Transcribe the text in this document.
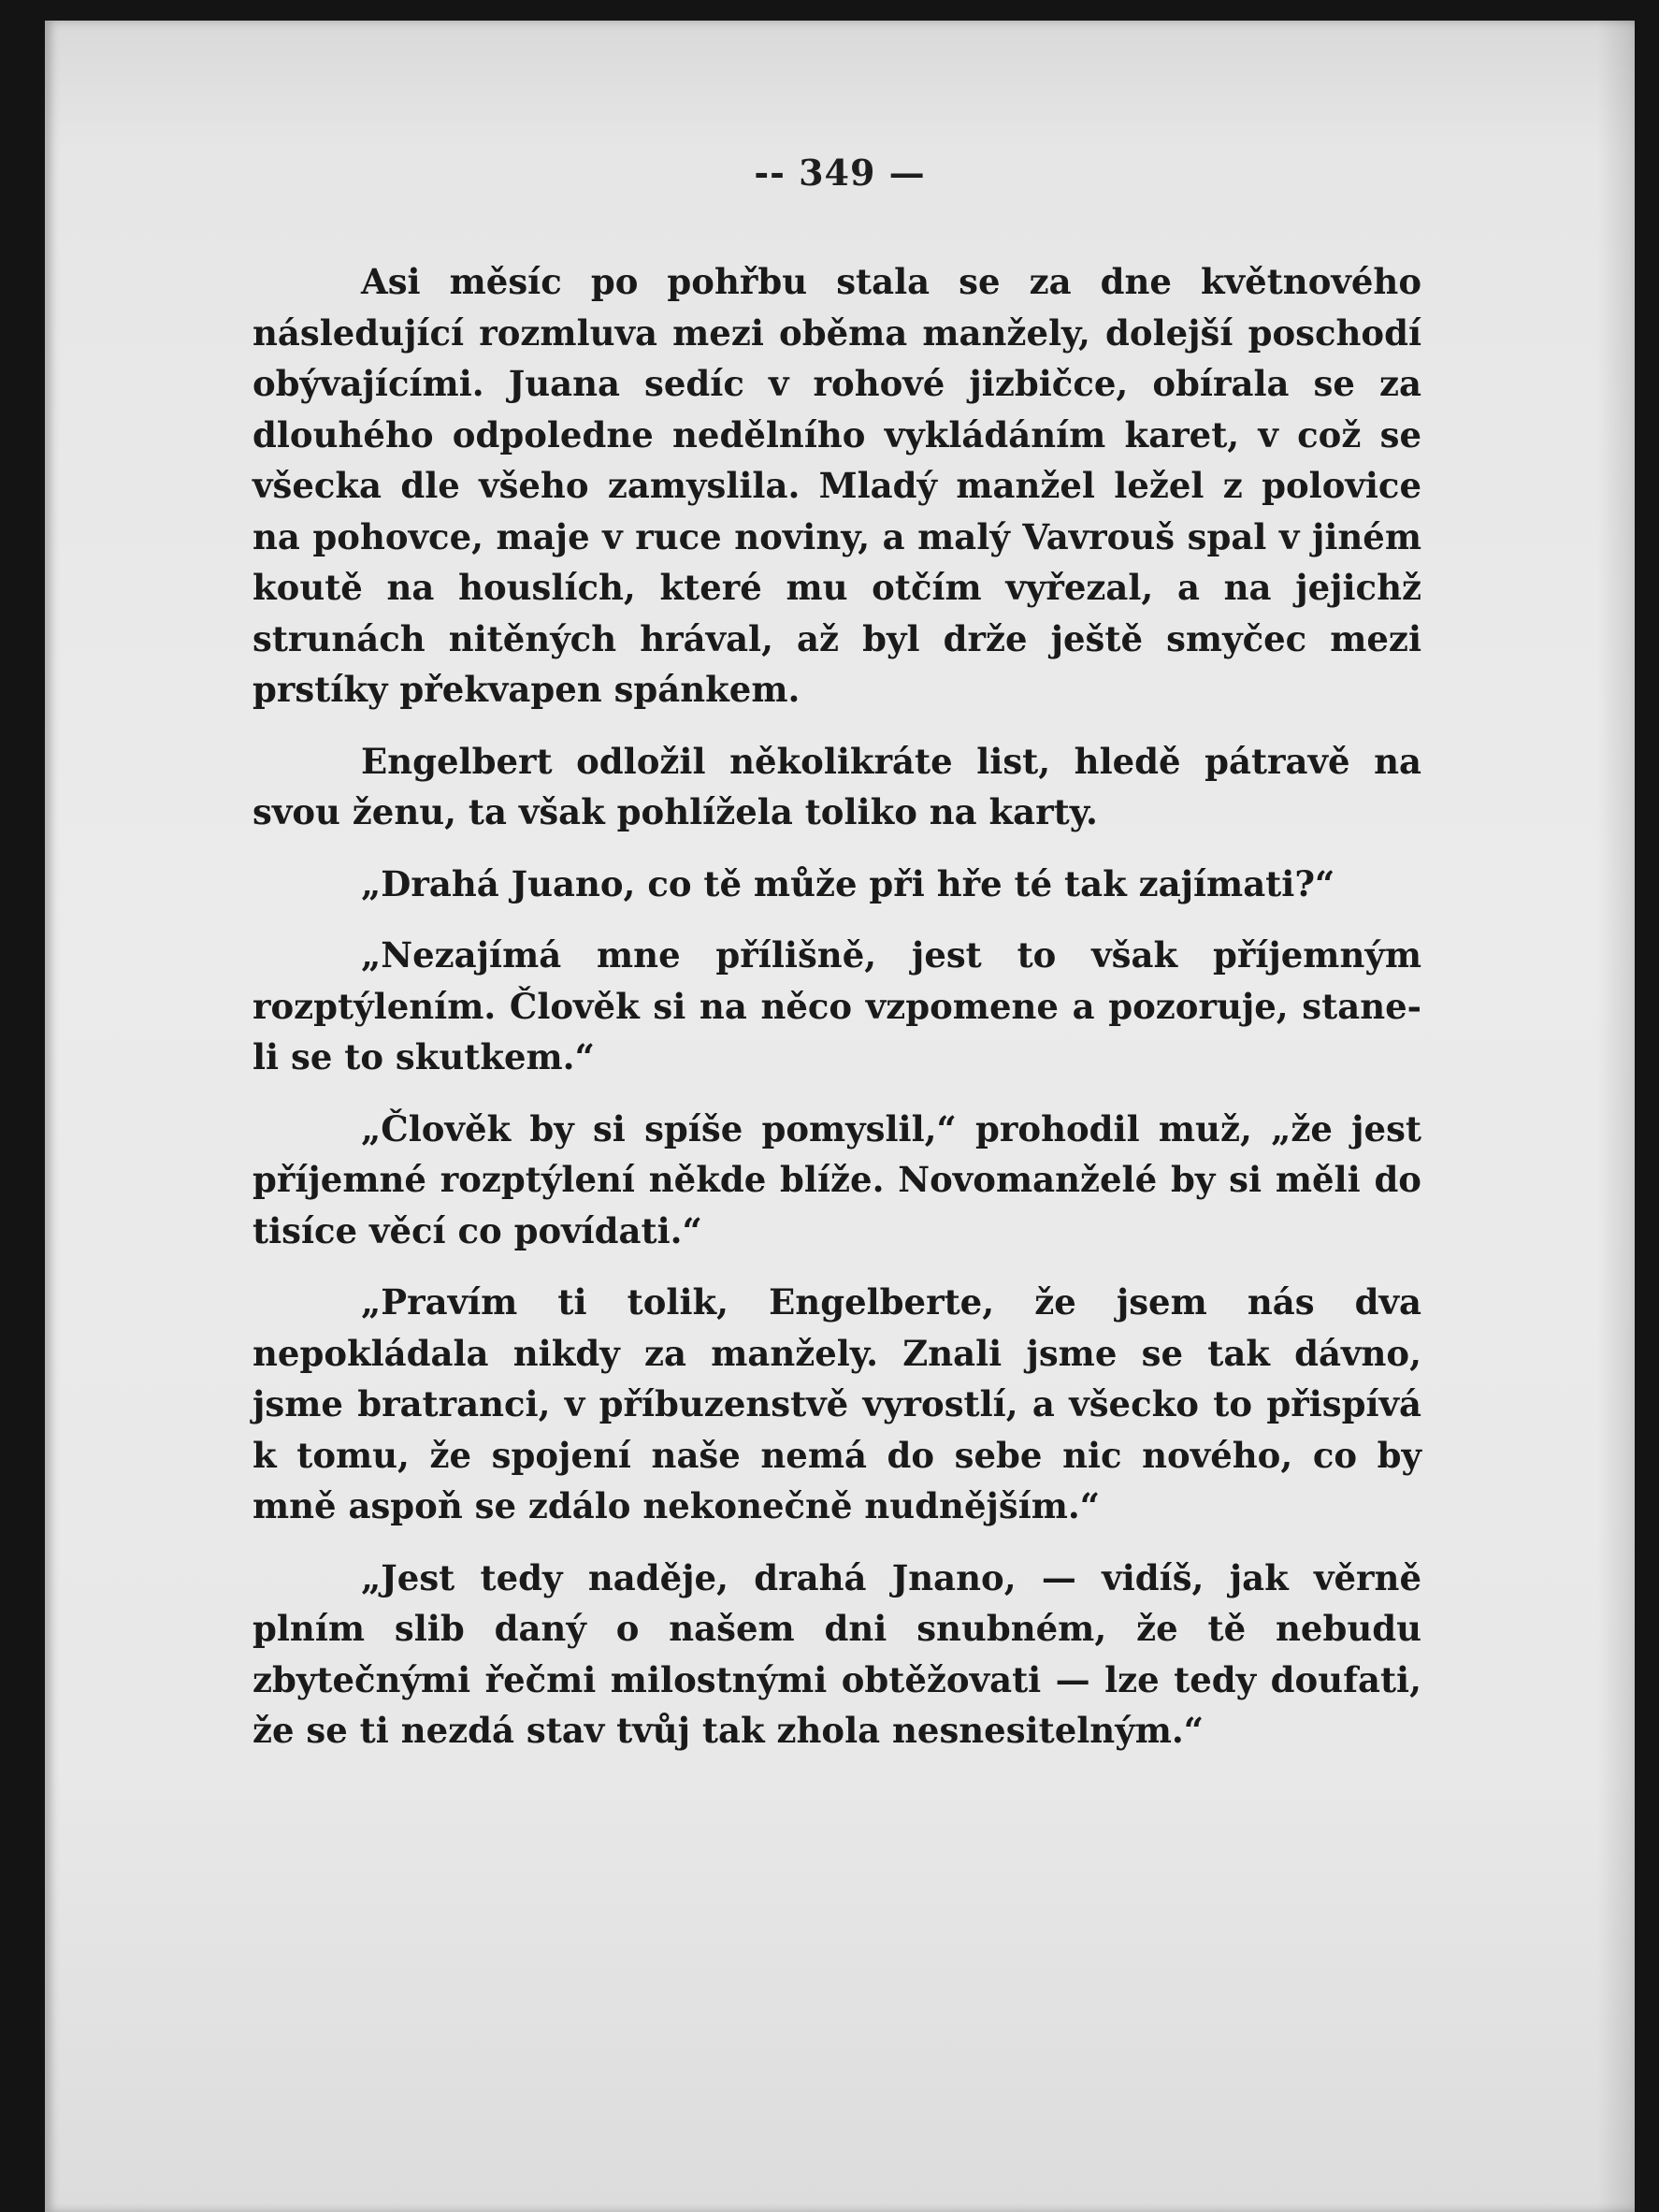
-- 349 —

Asi měsíc po pohřbu stala se za dne květnového následující rozmluva mezi oběma manžely, dolejší poschodí obývajícími. Juana sedíc v rohové jizbičce, obírala se za dlouhého odpoledne nedělního vykládáním karet, v což se všecka dle všeho zamyslila. Mladý manžel ležel z polovice na pohovce, maje v ruce noviny, a malý Vavrouš spal v jiném koutě na houslích, které mu otčím vyřezal, a na jejichž strunách nitěných hrával, až byl drže ještě smyčec mezi prstíky překvapen spánkem.

Engelbert odložil několikráte list, hledě pátravě na svou ženu, ta však pohlížela toliko na karty.

„Drahá Juano, co tě může při hře té tak zajímati?“

„Nezajímá mne přílišně, jest to však příjemným rozptýlením. Člověk si na něco vzpomene a pozoruje, stane-li se to skutkem.“

„Člověk by si spíše pomyslil,“ prohodil muž, „že jest příjemné rozptýlení někde blíže. Novomanželé by si měli do tisíce věcí co povídati.“

„Pravím ti tolik, Engelberte, že jsem nás dva nepokládala nikdy za manžely. Znali jsme se tak dávno, jsme bratranci, v příbuzenstvě vyrostlí, a všecko to přispívá k tomu, že spojení naše nemá do sebe nic nového, co by mně aspoň se zdálo nekonečně nudnějším.“

„Jest tedy naděje, drahá Jnano, — vidíš, jak věrně plním slib daný o našem dni snubném, že tě nebudu zbytečnými řečmi milostnými obtěžovati — lze tedy doufati, že se ti nezdá stav tvůj tak zhola nesnesitelným.“
